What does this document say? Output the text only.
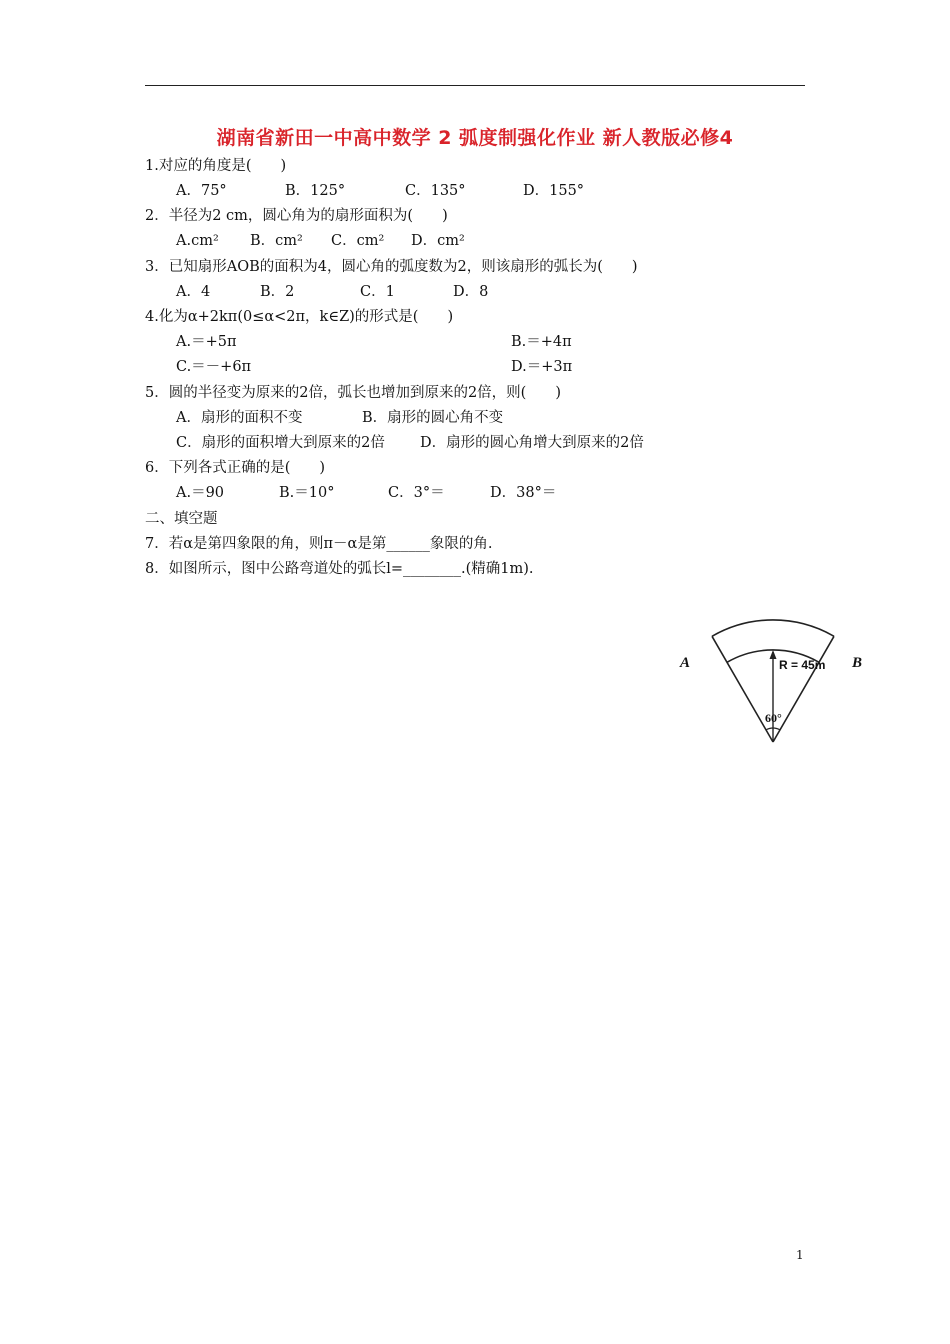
湖南省新田一中高中数学 2 弧度制强化作业 新人教版必修4
1.对应的角度是(　　)
A．75°	B．125°	C．135°	D．155°
2．半径为2 cm，圆心角为的扇形面积为(　　)
A.cm² B．cm² C．cm² D．cm²
3．已知扇形AOB的面积为4，圆心角的弧度数为2，则该扇形的弧长为(　　)
A．4	B．2	C．1	D．8
4.化为α+2kπ(0≤α<2π，k∈Z)的形式是(　　)
A.＝+5π	B.＝+4π
C.＝－+6π	D.＝+3π
5．圆的半径变为原来的2倍，弧长也增加到原来的2倍，则(　　)
A．扇形的面积不变	B．扇形的圆心角不变
C．扇形的面积增大到原来的2倍 D．扇形的圆心角增大到原来的2倍
6．下列各式正确的是(　　)
A.＝90	B.＝10°	C．3°＝	D．38°＝
二、填空题
7．若α是第四象限的角，则π－α是第______象限的角.
8．如图所示，图中公路弯道处的弧长l=________.(精确1m).
A	B
R = 45m
60°
1
